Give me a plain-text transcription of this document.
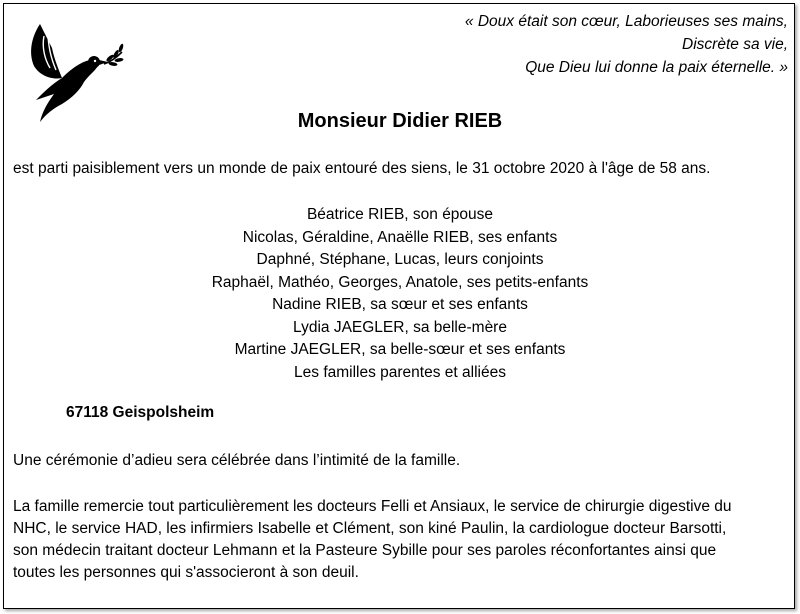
« Doux était son cœur, Laborieuses ses mains,
Discrète sa vie,
Que Dieu lui donne la paix éternelle. »
Monsieur Didier RIEB
est parti paisiblement vers un monde de paix entouré des siens, le 31 octobre 2020 à l'âge de 58 ans.
Béatrice RIEB, son épouse
Nicolas, Géraldine, Anaëlle RIEB, ses enfants
Daphné, Stéphane, Lucas, leurs conjoints
Raphaël, Mathéo, Georges, Anatole, ses petits-enfants
Nadine RIEB, sa sœur et ses enfants
Lydia JAEGLER, sa belle-mère
Martine JAEGLER, sa belle-sœur et ses enfants
Les familles parentes et alliées
67118 Geispolsheim
Une cérémonie d’adieu sera célébrée dans l’intimité de la famille.
La famille remercie tout particulièrement les docteurs Felli et Ansiaux, le service de chirurgie digestive du
NHC, le service HAD, les infirmiers Isabelle et Clément, son kiné Paulin, la cardiologue docteur Barsotti,
son médecin traitant docteur Lehmann et la Pasteure Sybille pour ses paroles réconfortantes ainsi que
toutes les personnes qui s'associeront à son deuil.
